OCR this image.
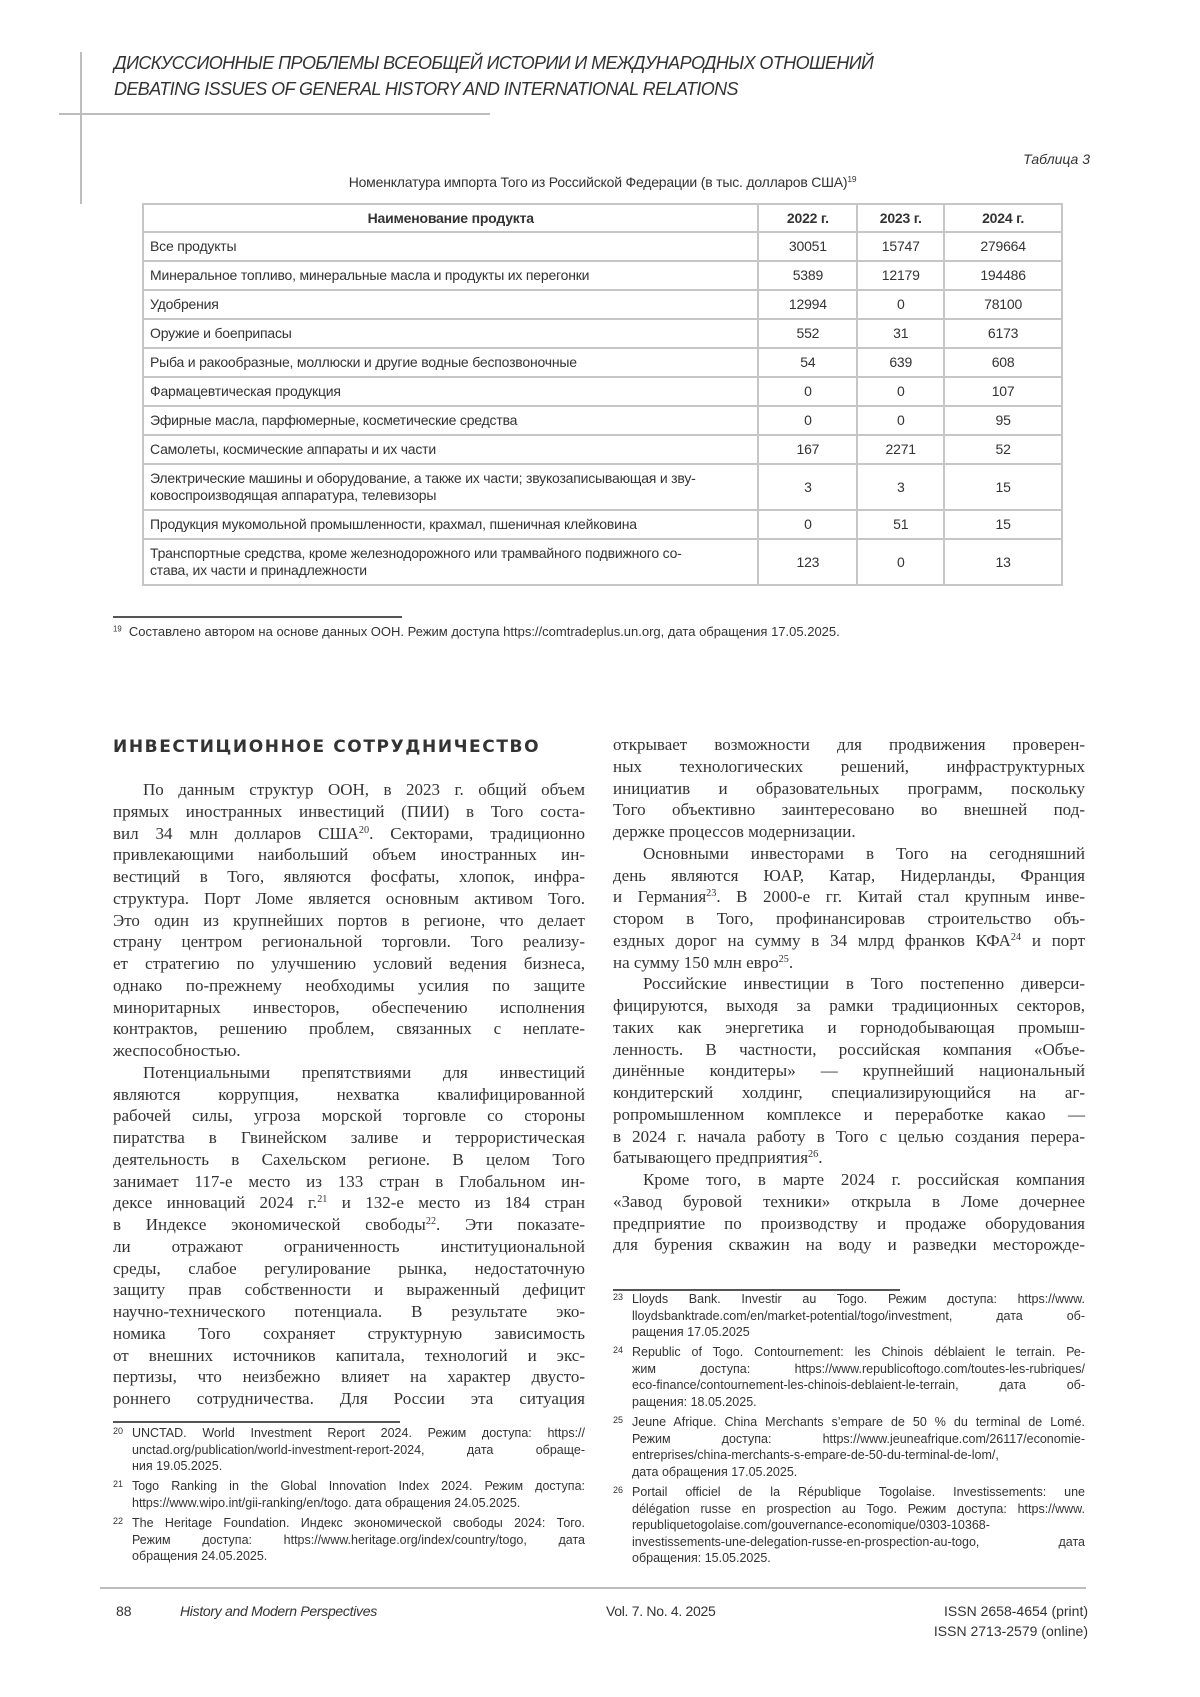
ДИСКУССИОННЫЕ ПРОБЛЕМЫ ВСЕОБЩЕЙ ИСТОРИИ И МЕЖДУНАРОДНЫХ ОТНОШЕНИЙ
DEBATING ISSUES OF GENERAL HISTORY AND INTERNATIONAL RELATIONS
Таблица 3
Номенклатура импорта Того из Российской Федерации (в тыс. долларов США)$^{19}$
Наименование продукта	2022 г.	2023 г.	2024 г.
Все продукты	30051	15747	279664
Минеральное топливо, минеральные масла и продукты их перегонки	5389	12179	194486
Удобрения	12994	0	78100
Оружие и боеприпасы	552	31	6173
Рыба и ракообразные, моллюски и другие водные беспозвоночные	54	639	608
Фармацевтическая продукция	0	0	107
Эфирные масла, парфюмерные, косметические средства	0	0	95
Самолеты, космические аппараты и их части	167	2271	52

Электрические машины и оборудование, а также их части; звукозаписывающая и зву-
ковоспроизводящая аппаратура, телевизоры	3	3	15
Продукция мукомольной промышленности, крахмал, пшеничная клейковина	0	51	15

Транспортные средства, кроме железнодорожного или трамвайного подвижного со-
става, их части и принадлежности	123	0	13
$^{19}$ Составлено автором на основе данных ООН. Режим доступа https://comtradeplus.un.org, дата обращения 17.05.2025.
ИНВЕСТИЦИОННОЕ СОТРУДНИЧЕСТВО
По данным структур ООН, в 2023 г. общий объем
прямых иностранных инвестиций (ПИИ) в Того соста-
вил 34 млн долларов США$^{20}$. Секторами, традиционно
привлекающими наибольший объем иностранных ин-
вестиций в Того, являются фосфаты, хлопок, инфра-
структура. Порт Ломе является основным активом Того.
Это один из крупнейших портов в регионе, что делает
страну центром региональной торговли. Того реализу-
ет стратегию по улучшению условий ведения бизнеса,
однако по-прежнему необходимы усилия по защите
миноритарных инвесторов, обеспечению исполнения
контрактов, решению проблем, связанных с неплате-
жеспособностью.
Потенциальными препятствиями для инвестиций
являются коррупция, нехватка квалифицированной
рабочей силы, угроза морской торговле со стороны
пиратства в Гвинейском заливе и террористическая
деятельность в Сахельском регионе. В целом Того
занимает 117-е место из 133 стран в Глобальном ин-
дексе инноваций 2024 г.$^{21}$ и 132-е место из 184 стран
в Индексе экономической свободы$^{22}$. Эти показате-
ли отражают ограниченность институциональной
среды, слабое регулирование рынка, недостаточную
защиту прав собственности и выраженный дефицит
научно-технического потенциала. В результате эко-
номика Того сохраняет структурную зависимость
от внешних источников капитала, технологий и экс-
пертизы, что неизбежно влияет на характер двусто-
роннего сотрудничества. Для России эта ситуация
открывает возможности для продвижения проверен-
ных технологических решений, инфраструктурных
инициатив и образовательных программ, поскольку
Того объективно заинтересовано во внешней под-
держке процессов модернизации.
Основными инвесторами в Того на сегодняшний
день являются ЮАР, Катар, Нидерланды, Франция
и Германия$^{23}$. В 2000-е гг. Китай стал крупным инве-
стором в Того, профинансировав строительство объ-
ездных дорог на сумму в 34 млрд франков КФА$^{24}$ и порт
на сумму 150 млн евро$^{25}$.
Российские инвестиции в Того постепенно диверси-
фицируются, выходя за рамки традиционных секторов,
таких как энергетика и горнодобывающая промыш-
ленность. В частности, российская компания «Объе-
динённые кондитеры» — крупнейший национальный
кондитерский холдинг, специализирующийся на аг-
ропромышленном комплексе и переработке какао —
в 2024 г. начала работу в Того с целью создания перера-
батывающего предприятия$^{26}$.
Кроме того, в марте 2024 г. российская компания
«Завод буровой техники» открыла в Ломе дочернее
предприятие по производству и продаже оборудования
для бурения скважин на воду и разведки месторожде-
20 UNCTAD. World Investment Report 2024. Режим доступа: https://
unctad.org/publication/world-investment-report-2024, дата обраще-
ния 19.05.2025.
21 Togo Ranking in the Global Innovation Index 2024. Режим доступа:
https://www.wipo.int/gii-ranking/en/togo. дата обращения 24.05.2025.
22 The Heritage Foundation. Индекс экономической свободы 2024: Того.
Режим доступа: https://www.heritage.org/index/country/togo, дата
обращения 24.05.2025.
23 Lloyds Bank. Investir au Togo. Режим доступа: https://www.
lloydsbanktrade.com/en/market-potential/togo/investment, дата об-
ращения 17.05.2025
24 Republic of Togo. Contournement: les Chinois déblaient le terrain. Ре-
жим доступа: https://www.republicoftogo.com/toutes-les-rubriques/
eco-finance/contournement-les-chinois-deblaient-le-terrain, дата об-
ращения: 18.05.2025.
25 Jeune Afrique. China Merchants s’empare de 50 % du terminal de Lomé.
Режим доступа: https://www.jeuneafrique.com/26117/economie-
entreprises/china-merchants-s-empare-de-50-du-terminal-de-lom/,
дата обращения 17.05.2025.
26 Portail officiel de la République Togolaise. Investissements: une
délégation russe en prospection au Togo. Режим доступа: https://www.
republiquetogolaise.com/gouvernance-economique/0303-10368-
investissements-une-delegation-russe-en-prospection-au-togo, дата
обращения: 15.05.2025.
88	History and Modern Perspectives	Vol. 7. No. 4. 2025	ISSN 2658-4654 (print)
ISSN 2713-2579 (online)
